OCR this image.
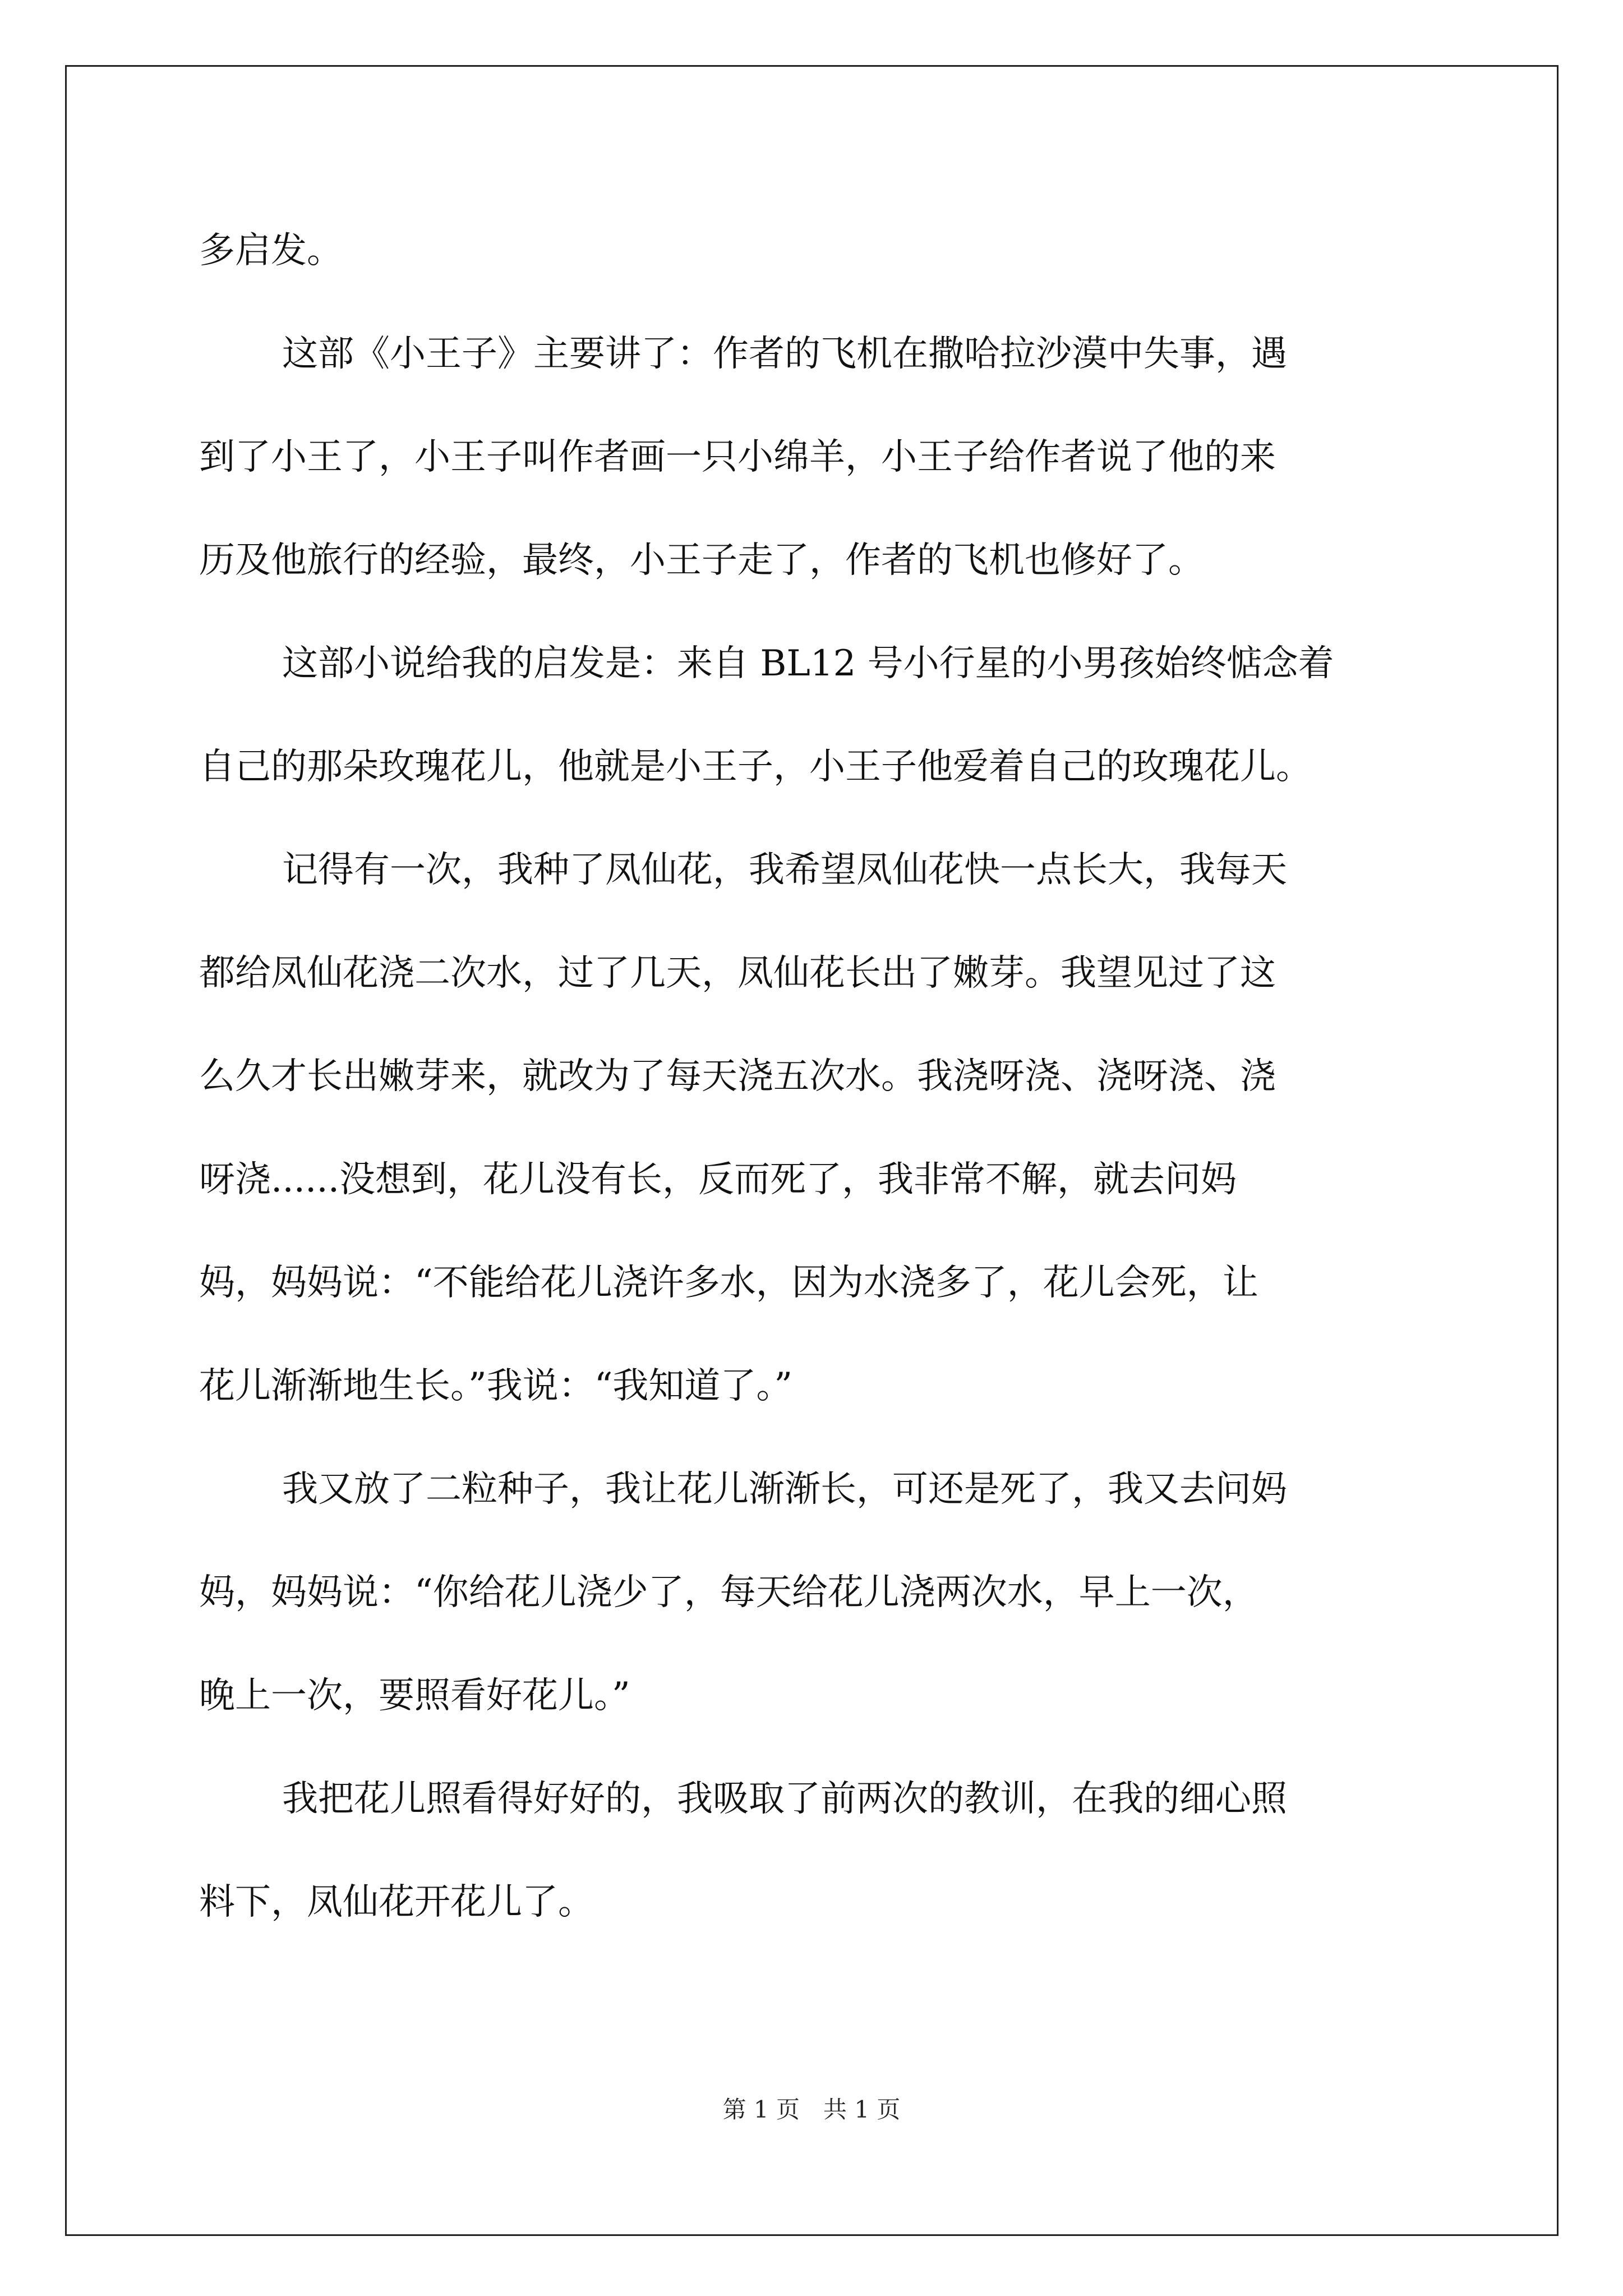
多启发。

这部《小王子》主要讲了：作者的飞机在撒哈拉沙漠中失事，遇
到了小王了，小王子叫作者画一只小绵羊，小王子给作者说了他的来
历及他旅行的经验，最终，小王子走了，作者的飞机也修好了。

这部小说给我的启发是：来自 BL12 号小行星的小男孩始终惦念着
自己的那朵玫瑰花儿，他就是小王子，小王子他爱着自己的玫瑰花儿。

记得有一次，我种了凤仙花，我希望凤仙花快一点长大，我每天
都给凤仙花浇二次水，过了几天，凤仙花长出了嫩芽。我望见过了这
么久才长出嫩芽来，就改为了每天浇五次水。我浇呀浇、浇呀浇、浇
呀浇......没想到，花儿没有长，反而死了，我非常不解，就去问妈
妈，妈妈说：“不能给花儿浇许多水，因为水浇多了，花儿会死，让
花儿渐渐地生长。”我说：“我知道了。”

我又放了二粒种子，我让花儿渐渐长，可还是死了，我又去问妈
妈，妈妈说：“你给花儿浇少了，每天给花儿浇两次水，早上一次，
晚上一次，要照看好花儿。”

我把花儿照看得好好的，我吸取了前两次的教训，在我的细心照
料下，凤仙花开花儿了。

第 1 页　共 1 页
